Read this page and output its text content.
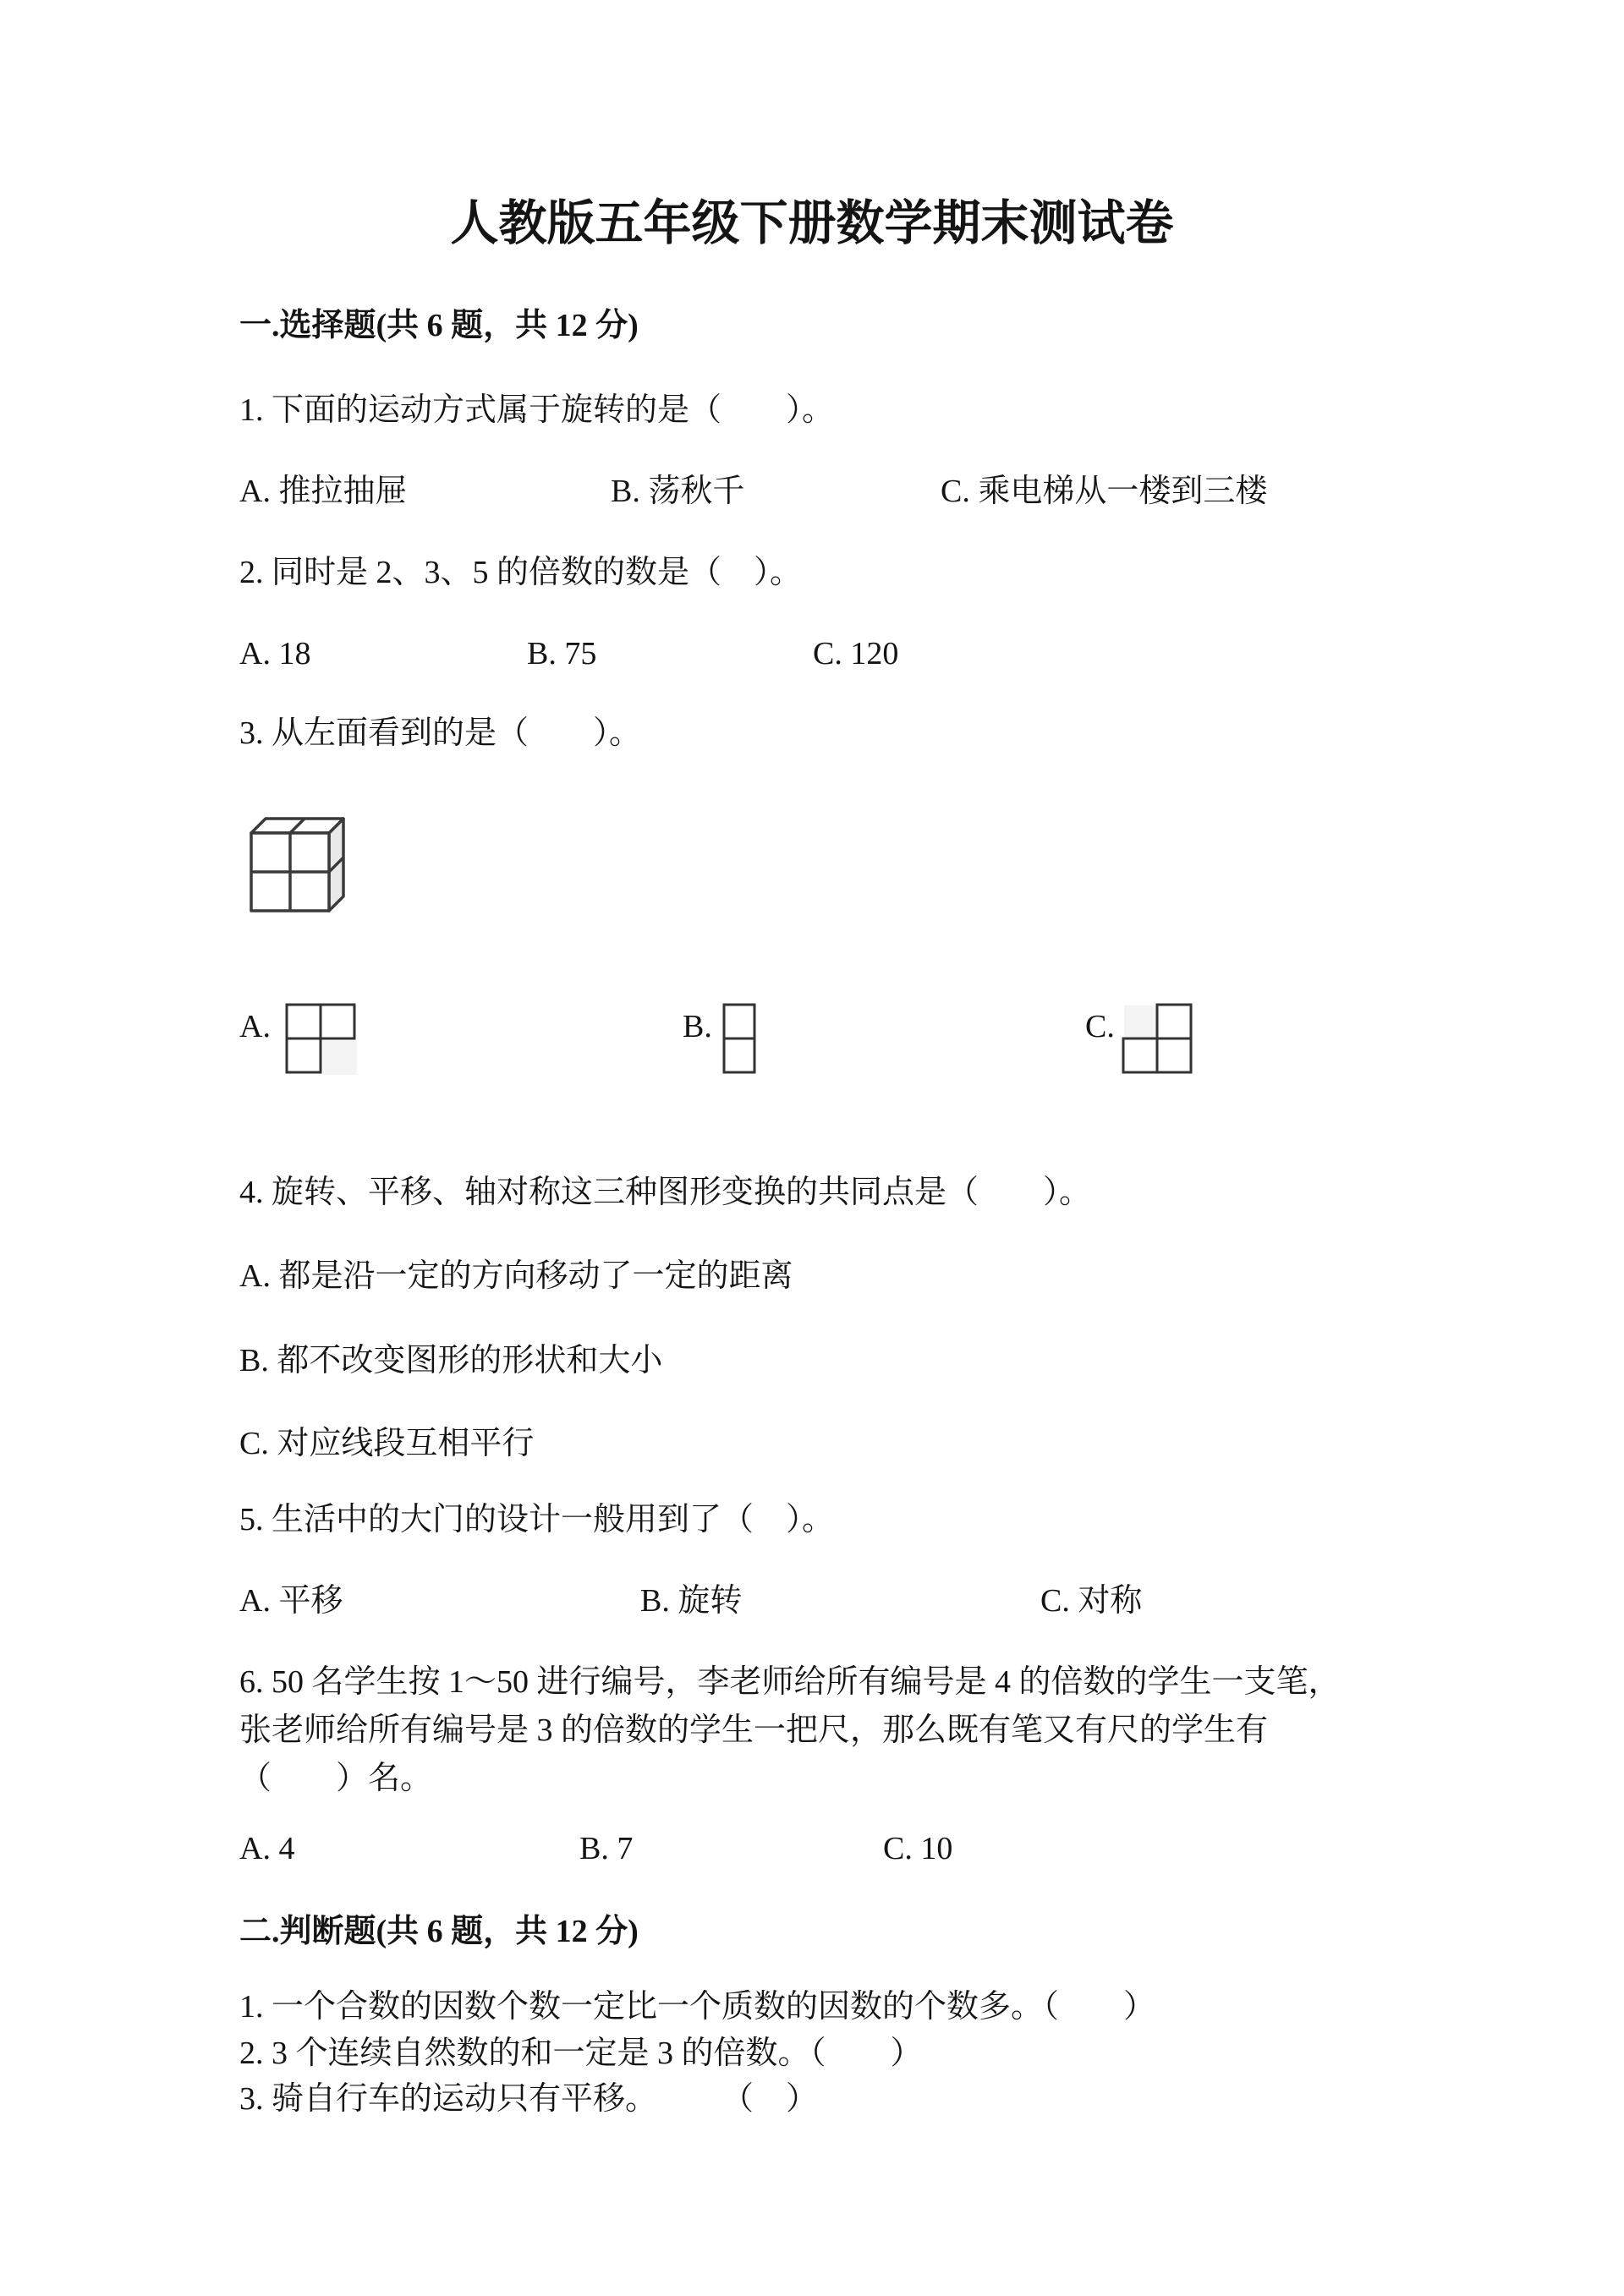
人教版五年级下册数学期末测试卷
一.选择题(共 6 题，共 12 分)
1. 下面的运动方式属于旋转的是（　　）。
A. 推拉抽屉	B. 荡秋千	C. 乘电梯从一楼到三楼
2. 同时是 2、3、5 的倍数的数是（　）。
A. 18	B. 75	C. 120
3. 从左面看到的是（　　）。
A.	B.	C.
4. 旋转、平移、轴对称这三种图形变换的共同点是（　　）。
A. 都是沿一定的方向移动了一定的距离
B. 都不改变图形的形状和大小
C. 对应线段互相平行
5. 生活中的大门的设计一般用到了（　）。
A. 平移	B. 旋转	C. 对称
6. 50 名学生按 1～50 进行编号，李老师给所有编号是 4 的倍数的学生一支笔，
张老师给所有编号是 3 的倍数的学生一把尺，那么既有笔又有尺的学生有
（　　）名。
A. 4	B. 7	C. 10
二.判断题(共 6 题，共 12 分)
1. 一个合数的因数个数一定比一个质数的因数的个数多。（　　）
2. 3 个连续自然数的和一定是 3 的倍数。（　　）
3. 骑自行车的运动只有平移。　　　（　）
